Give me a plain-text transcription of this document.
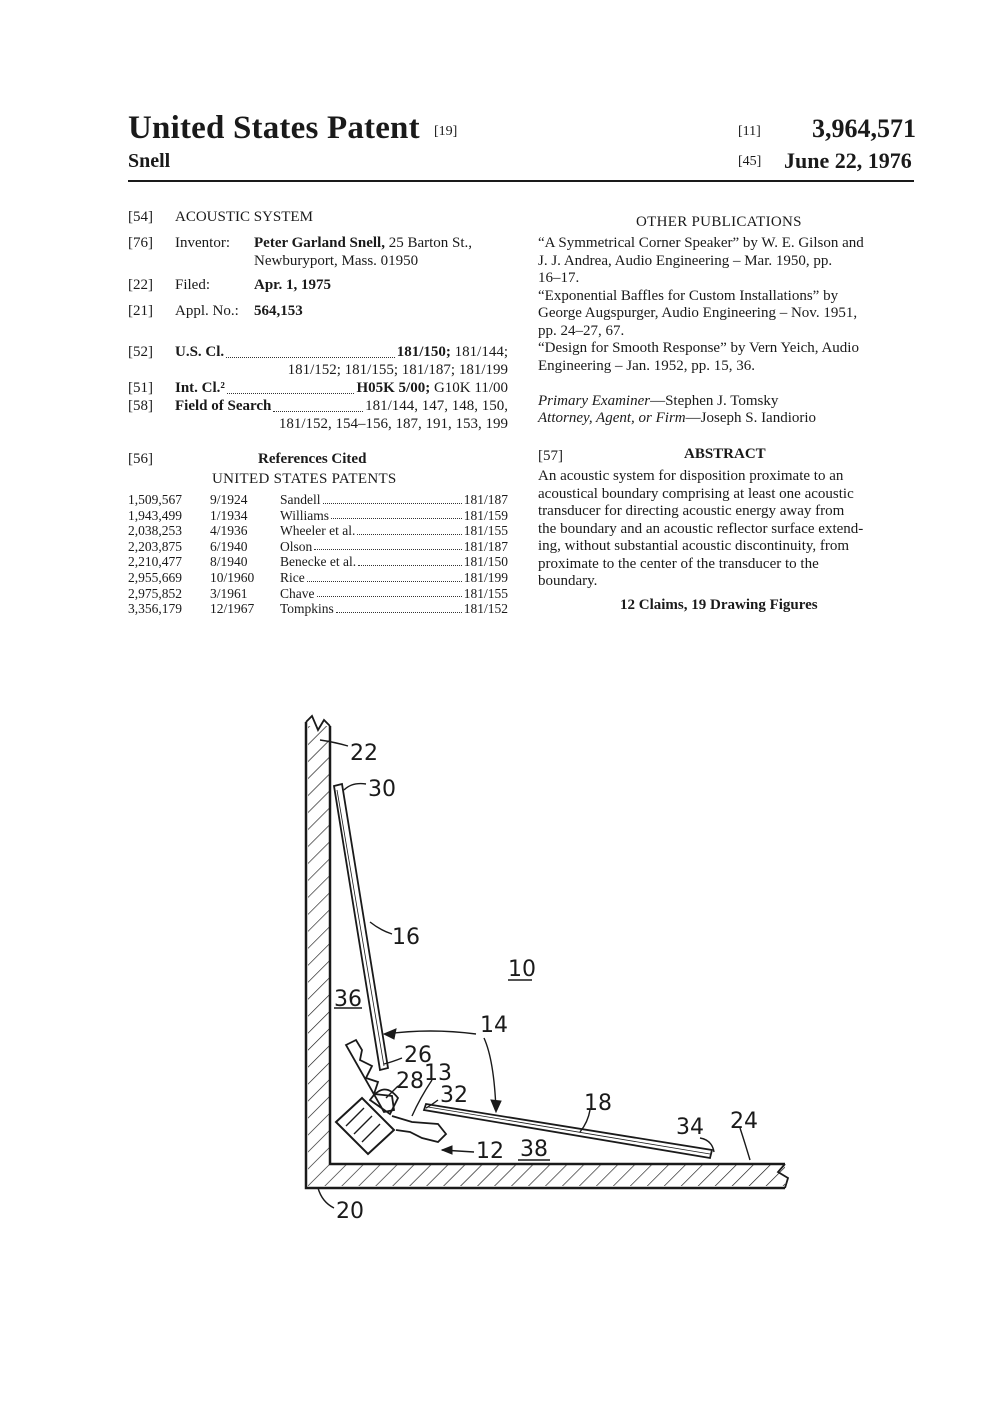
United States Patent [19]
Snell
[11] 3,964,571
[45] June 22, 1976
[54] ACOUSTIC SYSTEM
[76] Inventor: Peter Garland Snell, 25 Barton St.,
Newburyport, Mass. 01950
[22] Filed:	Apr. 1, 1975
[21] Appl. No.: 564,153
[52] U.S. Cl.	181/150; 181/144;
181/152; 181/155; 181/187; 181/199
[51] Int. Cl.²	H05K 5/00; G10K 11/00
[58] Field of Search	181/144, 147, 148, 150,
181/152, 154–156, 187, 191, 153, 199
[56]	References Cited
UNITED STATES PATENTS
1,509,567	9/1924	Sandell 181/187

1,943,499	1/1934	Williams 181/159

2,038,253	4/1936	Wheeler et al. 181/155

2,203,875	6/1940	Olson 181/187

2,210,477	8/1940	Benecke et al. 181/150

2,955,669	10/1960	Rice 181/199

2,975,852	3/1961	Chave 181/155

3,356,179	12/1967	Tompkins 181/152
OTHER PUBLICATIONS
“A Symmetrical Corner Speaker” by W. E. Gilson and
J. J. Andrea, Audio Engineering – Mar. 1950, pp.
16–17.
“Exponential Baffles for Custom Installations” by
George Augspurger, Audio Engineering – Nov. 1951,
pp. 24–27, 67.
“Design for Smooth Response” by Vern Yeich, Audio
Engineering – Jan. 1952, pp. 15, 36.
Primary Examiner—Stephen J. Tomsky
Attorney, Agent, or Firm—Joseph S. Iandiorio
[57]	ABSTRACT
An acoustic system for disposition proximate to an
acoustical boundary comprising at least one acoustic
transducer for directing acoustic energy away from
the boundary and an acoustic reflector surface extend-
ing, without substantial acoustic discontinuity, from
proximate to the center of the transducer to the
boundary.
12 Claims, 19 Drawing Figures
22
30
16
10
36
14
26
13
28
32	18
34 24
12 38
20
